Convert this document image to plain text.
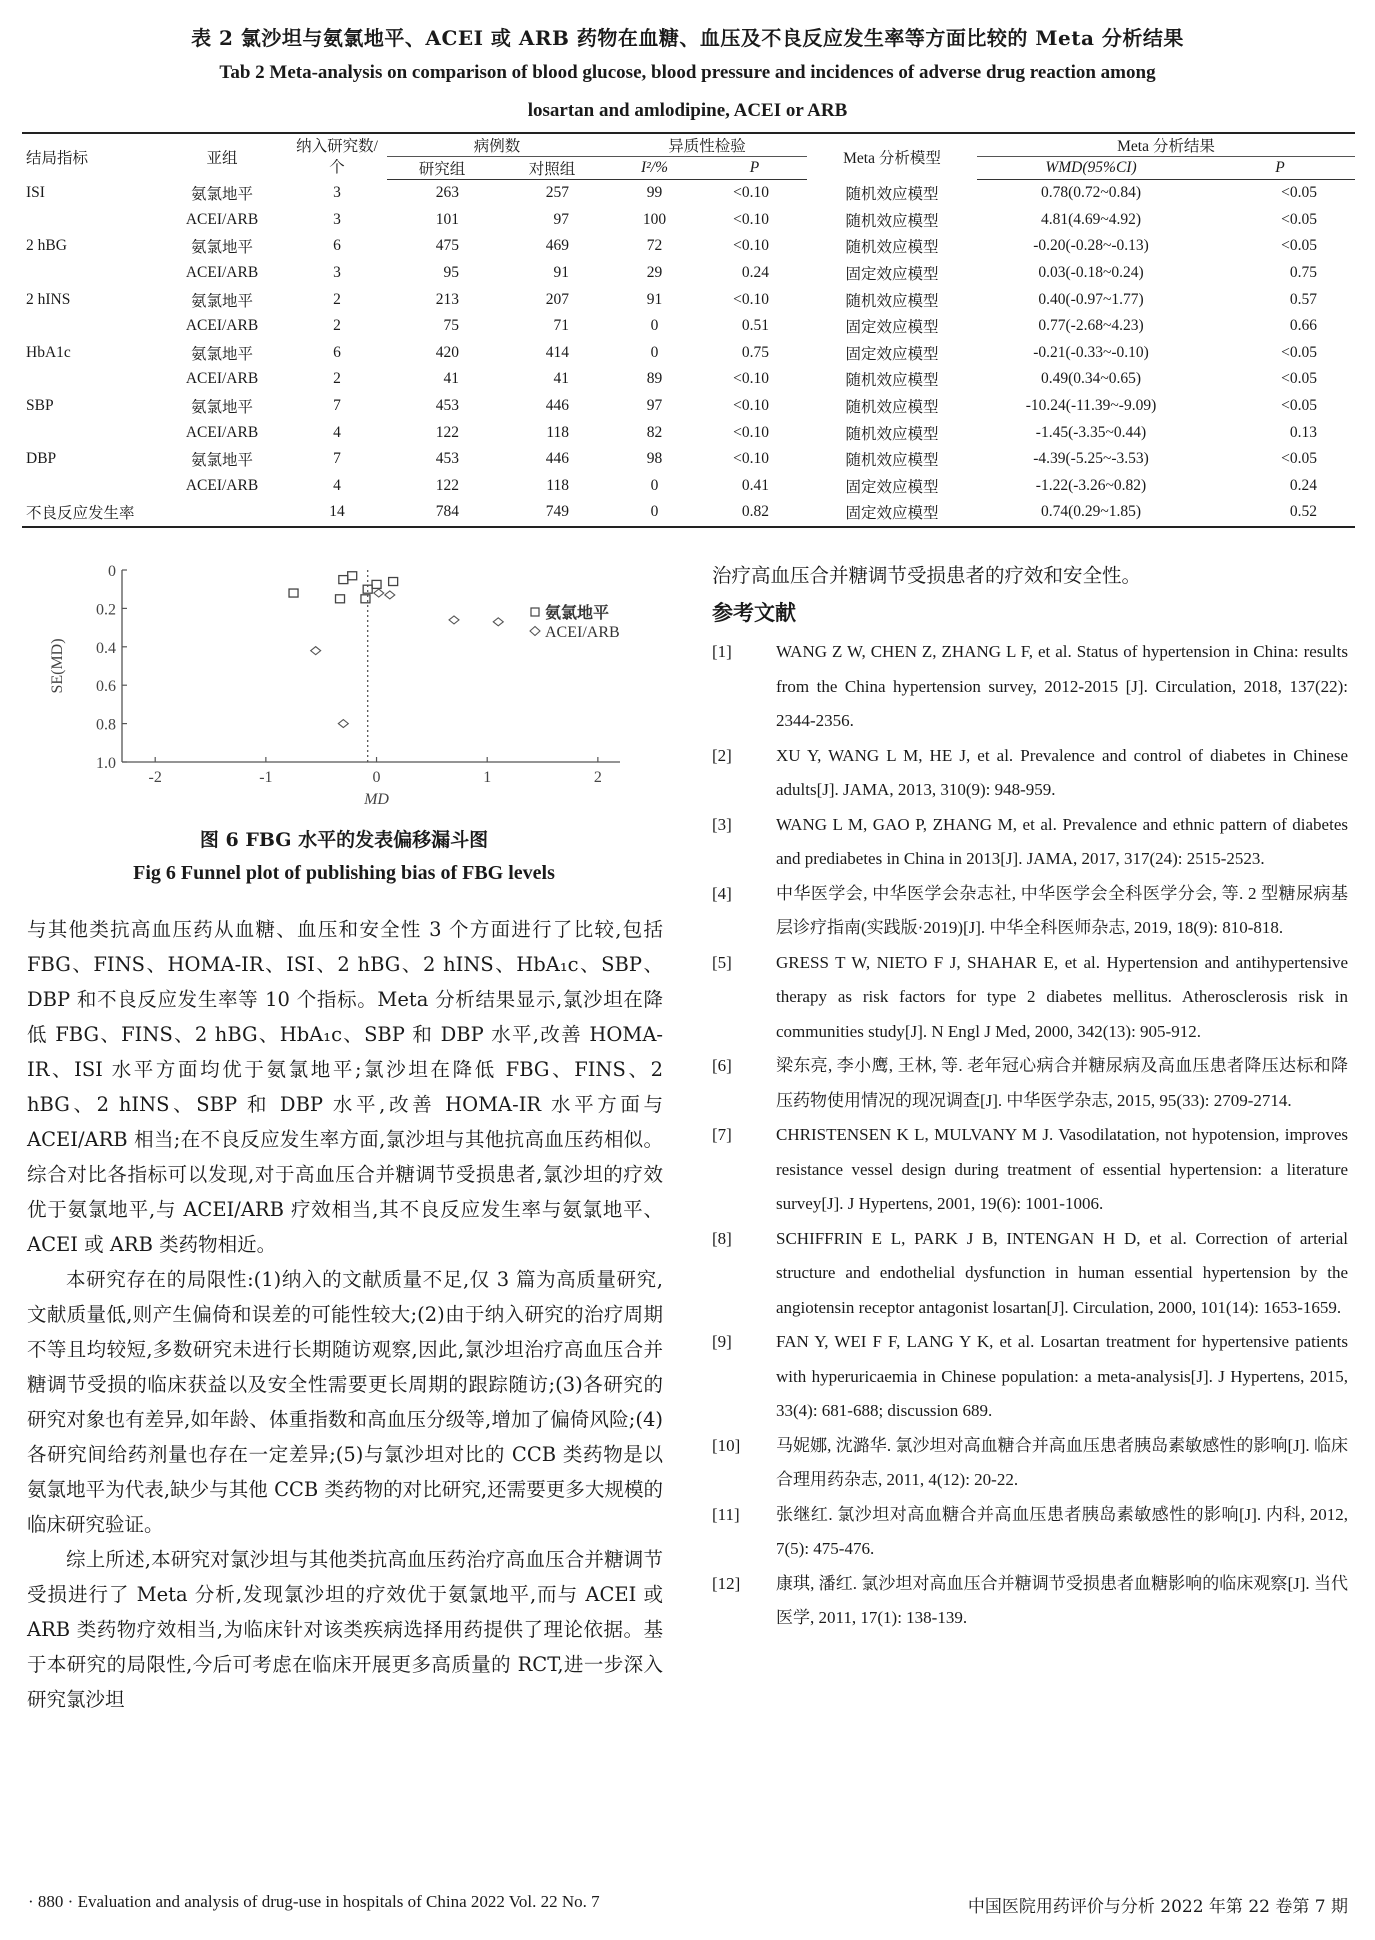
表 2 氯沙坦与氨氯地平、ACEI 或 ARB 药物在血糖、血压及不良反应发生率等方面比较的 Meta 分析结果
Tab 2 Meta-analysis on comparison of blood glucose, blood pressure and incidences of adverse drug reaction among
losartan and amlodipine, ACEI or ARB
结局指标	亚组	纳入研究数/个	病例数		异质性检验		Meta 分析模型	Meta 分析结果	
			研究组	对照组	I²/%	P		WMD(95%CI)	P
ISI	氨氯地平	3	263	257	99	<0.10	随机效应模型	0.78(0.72~0.84)	<0.05
	ACEI/ARB	3	101	97	100	<0.10	随机效应模型	4.81(4.69~4.92)	<0.05
2 hBG	氨氯地平	6	475	469	72	<0.10	随机效应模型	-0.20(-0.28~-0.13)	<0.05
	ACEI/ARB	3	95	91	29	0.24	固定效应模型	0.03(-0.18~0.24)	0.75
2 hINS	氨氯地平	2	213	207	91	<0.10	随机效应模型	0.40(-0.97~1.77)	0.57
	ACEI/ARB	2	75	71	0	0.51	固定效应模型	0.77(-2.68~4.23)	0.66
HbA1c	氨氯地平	6	420	414	0	0.75	固定效应模型	-0.21(-0.33~-0.10)	<0.05
	ACEI/ARB	2	41	41	89	<0.10	随机效应模型	0.49(0.34~0.65)	<0.05
SBP	氨氯地平	7	453	446	97	<0.10	随机效应模型	-10.24(-11.39~-9.09)	<0.05
	ACEI/ARB	4	122	118	82	<0.10	随机效应模型	-1.45(-3.35~0.44)	0.13
DBP	氨氯地平	7	453	446	98	<0.10	随机效应模型	-4.39(-5.25~-3.53)	<0.05
	ACEI/ARB	4	122	118	0	0.41	固定效应模型	-1.22(-3.26~0.82)	0.24
不良反应发生率		14	784	749	0	0.82	固定效应模型	0.74(0.29~1.85)	0.52
0
0.2
0.4
0.6
0.8
1.0
-2	-1	0	1	2
氨氯地平
ACEI/ARB
MD
SE(MD)
图 6 FBG 水平的发表偏移漏斗图
Fig 6 Funnel plot of publishing bias of FBG levels

与其他类抗高血压药从血糖、血压和安全性 3 个方面进行了比较,包括 FBG、FINS、HOMA-IR、ISI、2 hBG、2 hINS、HbA₁c、SBP、DBP 和不良反应发生率等 10 个指标。Meta 分析结果显示,氯沙坦在降低 FBG、FINS、2 hBG、HbA₁c、SBP 和 DBP 水平,改善 HOMA-IR、ISI 水平方面均优于氨氯地平;氯沙坦在降低 FBG、FINS、2 hBG、2 hINS、SBP 和 DBP 水平,改善 HOMA-IR 水平方面与 ACEI/ARB 相当;在不良反应发生率方面,氯沙坦与其他抗高血压药相似。综合对比各指标可以发现,对于高血压合并糖调节受损患者,氯沙坦的疗效优于氨氯地平,与 ACEI/ARB 疗效相当,其不良反应发生率与氨氯地平、ACEI 或 ARB 类药物相近。

本研究存在的局限性:(1)纳入的文献质量不足,仅 3 篇为高质量研究,文献质量低,则产生偏倚和误差的可能性较大;(2)由于纳入研究的治疗周期不等且均较短,多数研究未进行长期随访观察,因此,氯沙坦治疗高血压合并糖调节受损的临床获益以及安全性需要更长周期的跟踪随访;(3)各研究的研究对象也有差异,如年龄、体重指数和高血压分级等,增加了偏倚风险;(4)各研究间给药剂量也存在一定差异;(5)与氯沙坦对比的 CCB 类药物是以氨氯地平为代表,缺少与其他 CCB 类药物的对比研究,还需要更多大规模的临床研究验证。

综上所述,本研究对氯沙坦与其他类抗高血压药治疗高血压合并糖调节受损进行了 Meta 分析,发现氯沙坦的疗效优于氨氯地平,而与 ACEI 或 ARB 类药物疗效相当,为临床针对该类疾病选择用药提供了理论依据。基于本研究的局限性,今后可考虑在临床开展更多高质量的 RCT,进一步深入研究氯沙坦

治疗高血压合并糖调节受损患者的疗效和安全性。

参考文献
[1]	WANG Z W, CHEN Z, ZHANG L F, et al. Status of hypertension in China: results from the China hypertension survey, 2012-2015 [J]. Circulation, 2018, 137(22): 2344-2356.
[2]	XU Y, WANG L M, HE J, et al. Prevalence and control of diabetes in Chinese adults[J]. JAMA, 2013, 310(9): 948-959.
[3]	WANG L M, GAO P, ZHANG M, et al. Prevalence and ethnic pattern of diabetes and prediabetes in China in 2013[J]. JAMA, 2017, 317(24): 2515-2523.
[4]	中华医学会, 中华医学会杂志社, 中华医学会全科医学分会, 等. 2 型糖尿病基层诊疗指南(实践版·2019)[J]. 中华全科医师杂志, 2019, 18(9): 810-818.
[5]	GRESS T W, NIETO F J, SHAHAR E, et al. Hypertension and antihypertensive therapy as risk factors for type 2 diabetes mellitus. Atherosclerosis risk in communities study[J]. N Engl J Med, 2000, 342(13): 905-912.
[6]	梁东亮, 李小鹰, 王林, 等. 老年冠心病合并糖尿病及高血压患者降压达标和降压药物使用情况的现况调查[J]. 中华医学杂志, 2015, 95(33): 2709-2714.
[7]	CHRISTENSEN K L, MULVANY M J. Vasodilatation, not hypotension, improves resistance vessel design during treatment of essential hypertension: a literature survey[J]. J Hypertens, 2001, 19(6): 1001-1006.
[8]	SCHIFFRIN E L, PARK J B, INTENGAN H D, et al. Correction of arterial structure and endothelial dysfunction in human essential hypertension by the angiotensin receptor antagonist losartan[J]. Circulation, 2000, 101(14): 1653-1659.
[9]	FAN Y, WEI F F, LANG Y K, et al. Losartan treatment for hypertensive patients with hyperuricaemia in Chinese population: a meta-analysis[J]. J Hypertens, 2015, 33(4): 681-688; discussion 689.
[10]	马妮娜, 沈潞华. 氯沙坦对高血糖合并高血压患者胰岛素敏感性的影响[J]. 临床合理用药杂志, 2011, 4(12): 20-22.
[11]	张继红. 氯沙坦对高血糖合并高血压患者胰岛素敏感性的影响[J]. 内科, 2012, 7(5): 475-476.
[12]	康琪, 潘红. 氯沙坦对高血压合并糖调节受损患者血糖影响的临床观察[J]. 当代医学, 2011, 17(1): 138-139.
· 880 · Evaluation and analysis of drug-use in hospitals of China 2022 Vol. 22 No. 7	中国医院用药评价与分析 2022 年第 22 卷第 7 期
